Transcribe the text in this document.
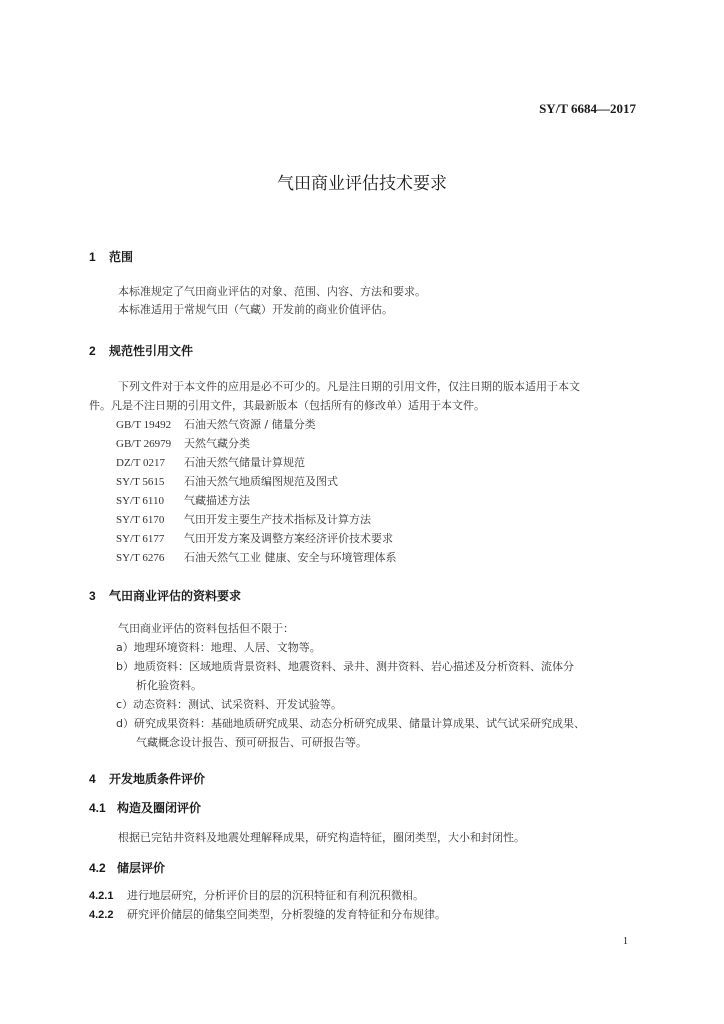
SY/T 6684—2017
气田商业评估技术要求
1 范围
本标准规定了气田商业评估的对象、范围、内容、方法和要求。
本标准适用于常规气田（气藏）开发前的商业价值评估。
2 规范性引用文件
下列文件对于本文件的应用是必不可少的。凡是注日期的引用文件，仅注日期的版本适用于本文
件。凡是不注日期的引用文件，其最新版本（包括所有的修改单）适用于本文件。
GB/T 19492 石油天然气资源 / 储量分类
GB/T 26979 天然气藏分类
DZ/T 0217 石油天然气储量计算规范
SY/T 5615 石油天然气地质编图规范及图式
SY/T 6110 气藏描述方法
SY/T 6170 气田开发主要生产技术指标及计算方法
SY/T 6177 气田开发方案及调整方案经济评价技术要求
SY/T 6276 石油天然气工业 健康、安全与环境管理体系
3 气田商业评估的资料要求
气田商业评估的资料包括但不限于：
a）地理环境资料：地理、人居、文物等。
b）地质资料：区域地质背景资料、地震资料、录井、测井资料、岩心描述及分析资料、流体分
析化验资料。
c）动态资料：测试、试采资料、开发试验等。
d）研究成果资料：基础地质研究成果、动态分析研究成果、储量计算成果、试气试采研究成果、
气藏概念设计报告、预可研报告、可研报告等。
4 开发地质条件评价
4.1 构造及圈闭评价
根据已完钻井资料及地震处理解释成果，研究构造特征，圈闭类型，大小和封闭性。
4.2 储层评价
4.2.1 进行地层研究，分析评价目的层的沉积特征和有利沉积微相。
4.2.2 研究评价储层的储集空间类型，分析裂缝的发育特征和分布规律。
1
